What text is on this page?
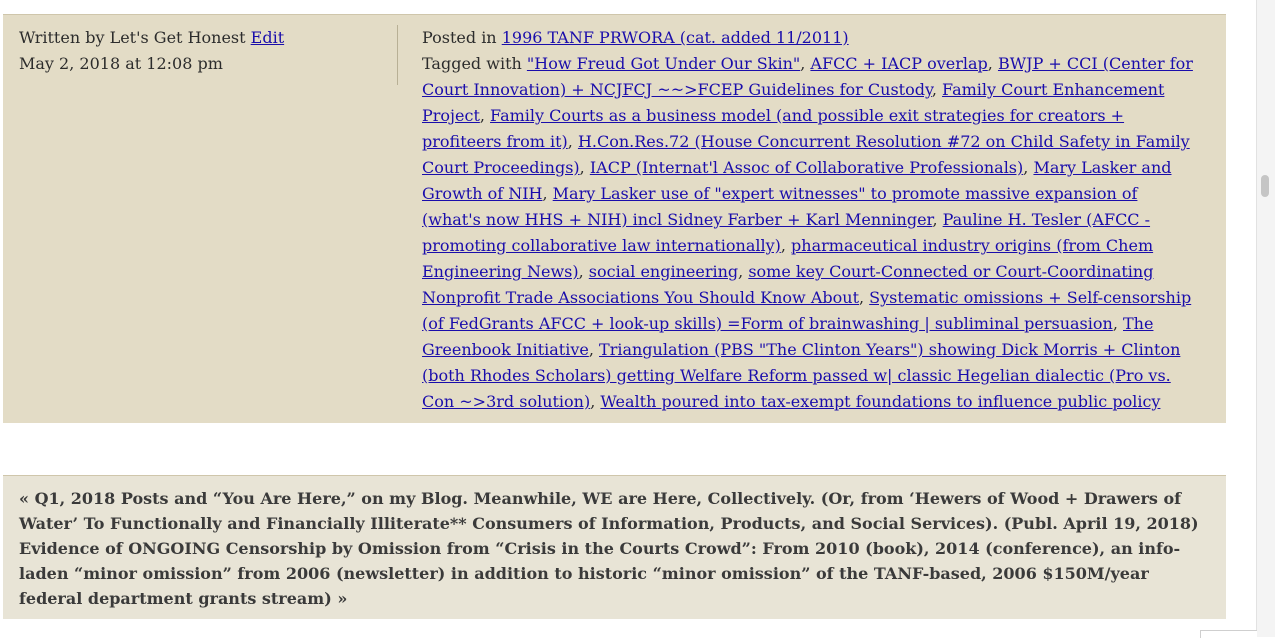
Written by Let's Get Honest Edit
May 2, 2018 at 12:08 pm
Posted in 1996 TANF PRWORA (cat. added 11/2011)
Tagged with "How Freud Got Under Our Skin", AFCC + IACP overlap, BWJP + CCI (Center for Court Innovation) + NCJFCJ ~~>FCEP Guidelines for Custody, Family Court Enhancement Project, Family Courts as a business model (and possible exit strategies for creators + profiteers from it), H.Con.Res.72 (House Concurrent Resolution #72 on Child Safety in Family Court Proceedings), IACP (Internat'l Assoc of Collaborative Professionals), Mary Lasker and Growth of NIH, Mary Lasker use of "expert witnesses" to promote massive expansion of (what's now HHS + NIH) incl Sidney Farber + Karl Menninger, Pauline H. Tesler (AFCC - promoting collaborative law internationally), pharmaceutical industry origins (from Chem Engineering News), social engineering, some key Court-Connected or Court-Coordinating Nonprofit Trade Associations You Should Know About, Systematic omissions + Self-censorship (of FedGrants AFCC + look-up skills) =Form of brainwashing | subliminal persuasion, The Greenbook Initiative, Triangulation (PBS "The Clinton Years") showing Dick Morris + Clinton (both Rhodes Scholars) getting Welfare Reform passed w| classic Hegelian dialectic (Pro vs. Con ~>3rd solution), Wealth poured into tax-exempt foundations to influence public policy
« Q1, 2018 Posts and “You Are Here,” on my Blog. Meanwhile, WE are Here, Collectively. (Or, from ‘Hewers of Wood + Drawers of Water’ To Functionally and Financially Illiterate** Consumers of Information, Products, and Social Services). (Publ. April 19, 2018)
Evidence of ONGOING Censorship by Omission from “Crisis in the Courts Crowd”: From 2010 (book), 2014 (conference), an info-laden “minor omission” from 2006 (newsletter) in addition to historic “minor omission” of the TANF-based, 2006 $150M/year federal department grants stream) »
